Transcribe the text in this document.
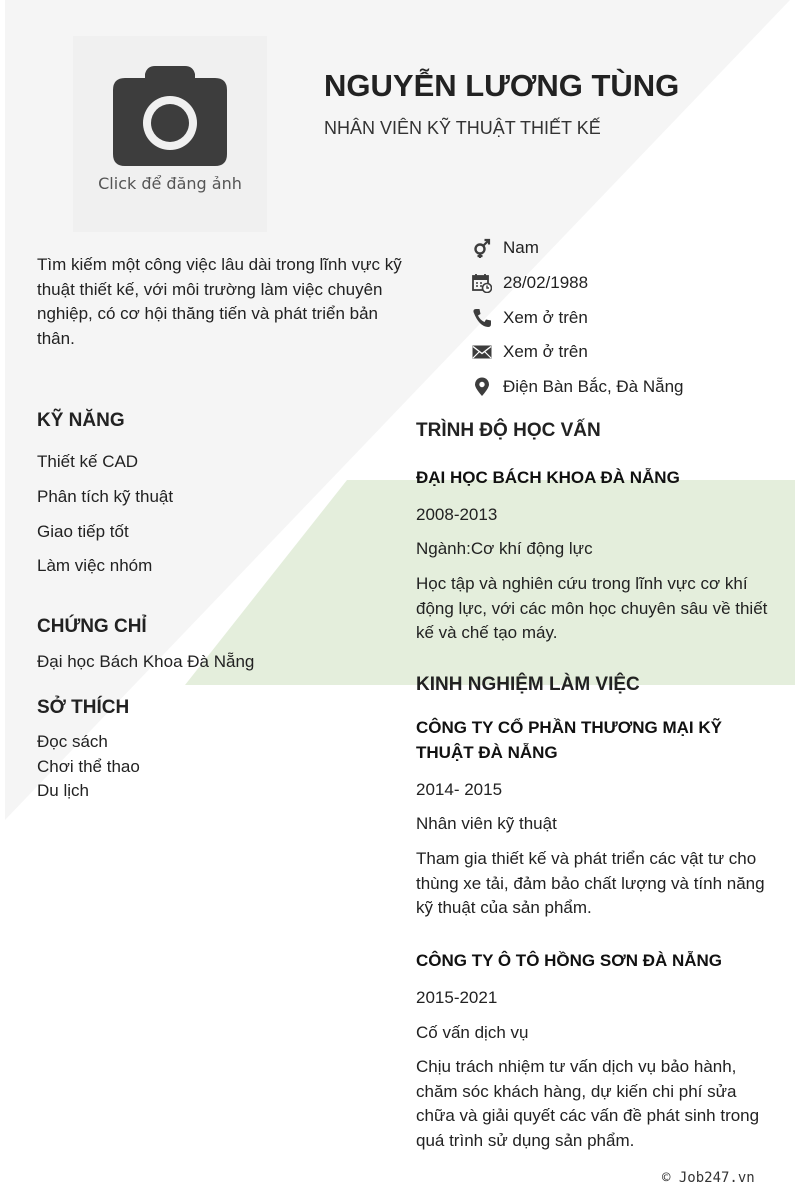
Click để đăng ảnh
NGUYỄN LƯƠNG TÙNG
NHÂN VIÊN KỸ THUẬT THIẾT KẾ
Tìm kiếm một công việc lâu dài trong lĩnh vực kỹ thuật thiết kế, với môi trường làm việc chuyên nghiệp, có cơ hội thăng tiến và phát triển bản thân.
Nam
28/02/1988
Xem ở trên
Xem ở trên
Điện Bàn Bắc, Đà Nẵng
KỸ NĂNG
Thiết kế CAD
Phân tích kỹ thuật
Giao tiếp tốt
Làm việc nhóm
CHỨNG CHỈ
Đại học Bách Khoa Đà Nẵng
SỞ THÍCH
Đọc sách
Chơi thể thao
Du lịch
TRÌNH ĐỘ HỌC VẤN
ĐẠI HỌC BÁCH KHOA ĐÀ NẴNG
2008-2013
Ngành:Cơ khí động lực
Học tập và nghiên cứu trong lĩnh vực cơ khí động lực, với các môn học chuyên sâu về thiết kế và chế tạo máy.
KINH NGHIỆM LÀM VIỆC
CÔNG TY CỔ PHẦN THƯƠNG MẠI KỸ THUẬT ĐÀ NẴNG
2014- 2015
Nhân viên kỹ thuật
Tham gia thiết kế và phát triển các vật tư cho thùng xe tải, đảm bảo chất lượng và tính năng kỹ thuật của sản phẩm.
CÔNG TY Ô TÔ HỒNG SƠN ĐÀ NẴNG
2015-2021
Cố vấn dịch vụ
Chịu trách nhiệm tư vấn dịch vụ bảo hành, chăm sóc khách hàng, dự kiến chi phí sửa chữa và giải quyết các vấn đề phát sinh trong quá trình sử dụng sản phẩm.
© Job247.vn
